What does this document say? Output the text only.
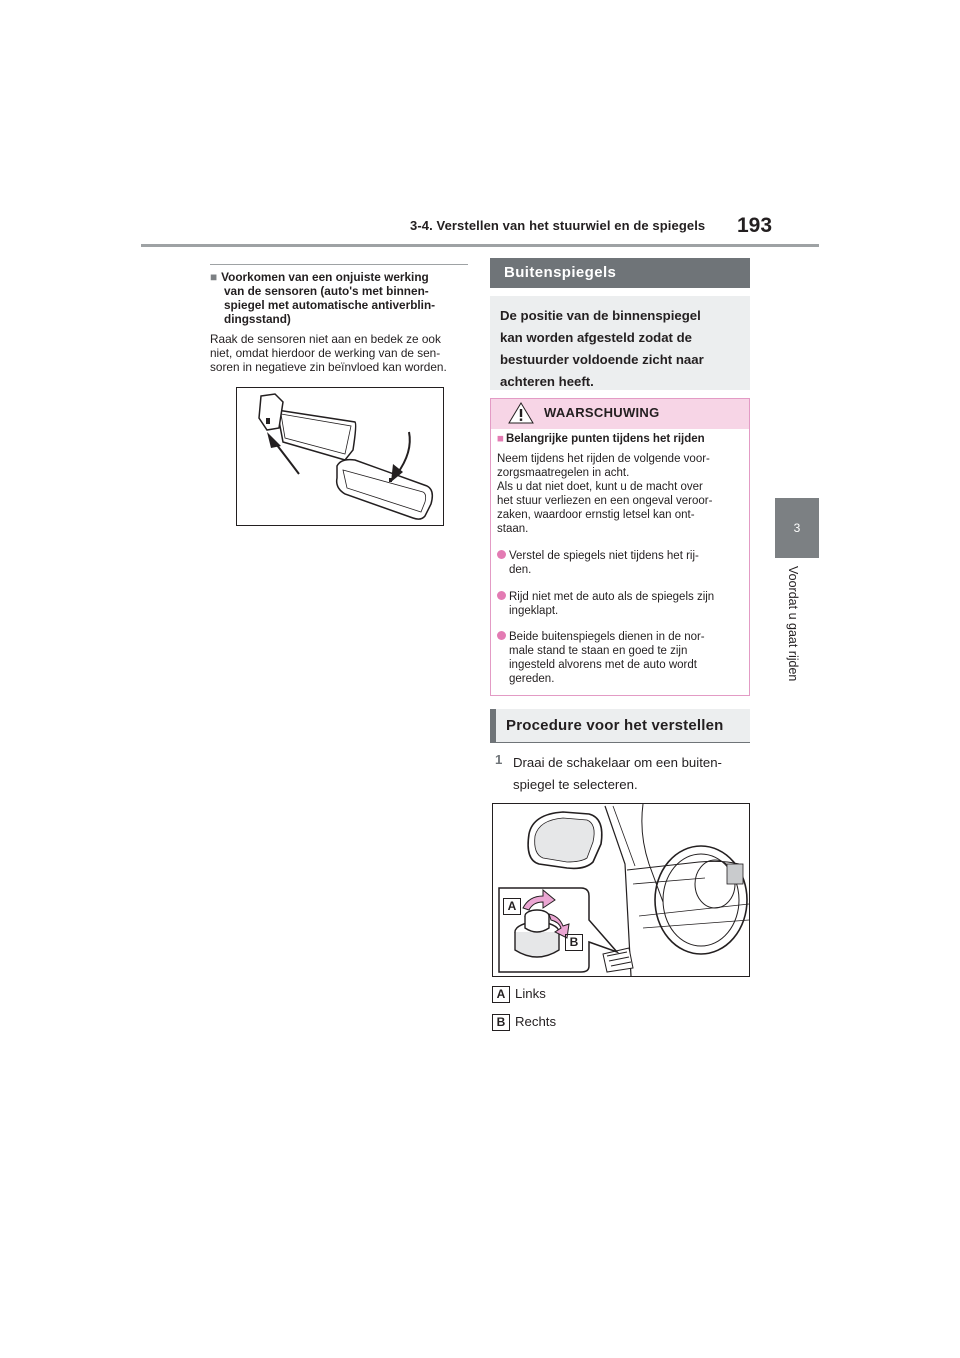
3-4. Verstellen van het stuurwiel en de spiegels 193
3
Voordat u gaat rijden
■ Voorkomen van een onjuiste werking
van de sensoren (auto's met binnen-
spiegel met automatische antiverblin-
dingsstand)
Raak de sensoren niet aan en bedek ze ook
niet, omdat hierdoor de werking van de sen-
soren in negatieve zin beïnvloed kan worden.
Buitenspiegels
De positie van de binnenspiegel
kan worden afgesteld zodat de
bestuurder voldoende zicht naar
achteren heeft.
WAARSCHUWING
■ Belangrijke punten tijdens het rijden
Neem tijdens het rijden de volgende voor-
zorgsmaatregelen in acht.
Als u dat niet doet, kunt u de macht over
het stuur verliezen en een ongeval veroor-
zaken, waardoor ernstig letsel kan ont-
staan.
Verstel de spiegels niet tijdens het rij-
den.
Rijd niet met de auto als de spiegels zijn
ingeklapt.
Beide buitenspiegels dienen in de nor-
male stand te staan en goed te zijn
ingesteld alvorens met de auto wordt
gereden.
Procedure voor het verstellen
1 Draai de schakelaar om een buiten-
spiegel te selecteren.
A
B
A Links
B Rechts
